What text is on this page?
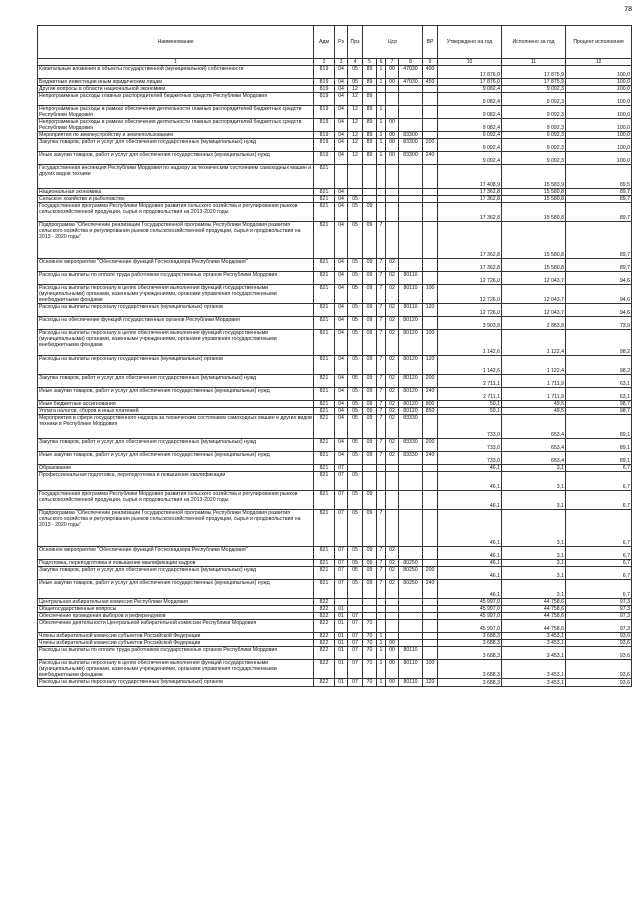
78
Наименование	Адм	Рз	Прз	Цср				ВР	Утверждено на год	Исполнено за год	Процент исполнения
1	2	3	4	5	6	7	8	9	10	11	12
Капитальные вложения в объекты государственной (муниципальной) собственности	819	04	05	89	1	00	47030	400	17 876,0	17 875,9	100,0
Бюджетные инвестиции иным юридическим лицам	819	04	05	89	1	00	47030	450	17 876,0	17 875,9	100,0
Другие вопросы в области национальной экономики	819	04	12						9 082,4	9 092,3	100,0
Непрограммные расходы главных распорядителей бюджетных средств Республики Мордовия	819	04	12	89					9 082,4	9 092,3	100,0
Непрограммные расходы в рамках обеспечения деятельности главных распорядителей бюджетных средств Республики Мордовия	819	04	12	89	1				9 082,4	9 092,3	100,0
Непрограммные расходы в рамках обеспечения деятельности главных распорядителей бюджетных средств Республики Мордовия	819	04	12	89	1	00			9 082,4	9 092,3	100,0
Мероприятия по землеустройству и землепользованию	819	04	12	89	1	00	83300		9 092,4	9 092,3	100,0
Закупка товаров, работ и услуг для обеспечения государственных (муниципальных) нужд	819	04	12	89	1	00	83300	200	9 092,4	9 092,3	100,0
Иные закупки товаров, работ и услуг для обеспечения государственных (муниципальных) нужд	819	04	12	89	1	00	83300	240	9 092,4	9 092,3	100,0
Государственная инспекция Республики Мордовия по надзору за техническим состоянием самоходных машин и других видов техники	821								17 408,9	15 583,9	89,5
Национальная экономика	821	04							17 362,8	15 580,8	89,7
Сельское хозяйство и рыболовство	821	04	05						17 362,8	15 580,8	89,7
Государственная программа Республики Мордовия развития сельского хозяйства и регулирования рынков сельскохозяйственной продукции, сырья и продовольствия на 2013-2020 годы	821	04	05	09					17 362,8	15 580,8	89,7
Подпрограмма "Обеспечение реализации Государственной программы Республики Мордовия развития сельского хозяйства и регулирования рынков сельскохозяйственной продукции, сырья и продовольствия на 2013 - 2020 годы"	821	04	05	09	7				17 362,8	15 580,8	89,7
Основное мероприятие "Обеспечение функций Гостехнадзора Республики Мордовия"	821	04	05	09	7	02			17 362,8	15 580,8	89,7
Расходы на выплаты по оплате труда работников государственных органов Республики Мордовия	821	04	05	09	7	02	80110		12 726,0	12 043,7	94,6
Расходы на выплаты персоналу в целях обеспечения выполнения функций государственными (муниципальными) органами, казенными учреждениями, органами управления государственными внебюджетными фондами	821	04	05	09	7	02	80110	100	12 726,0	12 043,7	94,6
Расходы на выплаты персоналу государственных (муниципальных) органов	821	04	05	09	7	02	80110	120	12 726,0	12 043,7	94,6
Расходы на обеспечение функций государственных органов Республики Мордовия	821	04	05	09	7	02	80120		3 903,8	2 883,8	73,9
Расходы на выплаты персоналу в целях обеспечения выполнения функций государственными (муниципальными) органами, казенными учреждениями, органами управления государственными внебюджетными фондами	821	04	05	09	7	02	80120	100	1 142,6	1 122,4	98,2
Расходы на выплаты персоналу государственных (муниципальных) органов	821	04	05	09	7	02	80120	120	1 142,6	1 122,4	98,2
Закупка товаров, работ и услуг для обеспечения государственных (муниципальных) нужд	821	04	05	09	7	02	80120	200	2 711,1	1 711,9	63,1
Иные закупки товаров, работ и услуг для обеспечения государственных (муниципальных) нужд	821	04	05	09	7	02	80120	240	2 711,1	1 711,9	63,1
Иные бюджетные ассигнования	821	04	05	09	7	02	80120	800	50,1	49,5	98,7
Уплата налогов, сборов и иных платежей	821	04	05	09	7	02	80120	850	50,1	49,5	98,7
Мероприятия в сфере государственного надзора за техническим состоянием самоходных машин и других видов техники в Республике Мордовия	821	04	05	09	7	02	83330		733,0	653,4	89,1
Закупка товаров, работ и услуг для обеспечения государственных (муниципальных) нужд	821	04	05	09	7	02	83330	200	733,0	653,4	89,1
Иные закупки товаров, работ и услуг для обеспечения государственных (муниципальных) нужд	821	04	05	09	7	02	83330	240	733,0	653,4	89,1
Образование	821	07							46,1	3,1	6,7
Профессиональная подготовка, переподготовка и повышение квалификации	821	07	05						46,1	3,1	6,7
Государственная программа Республики Мордовия развития сельского хозяйства и регулирования рынков сельскохозяйственной продукции, сырья и продовольствия на 2013-2020 годы	821	07	05	09					46,1	3,1	6,7
Подпрограмма "Обеспечение реализации Государственной программы Республики Мордовия развития сельского хозяйства и регулирования рынков сельскохозяйственной продукции, сырья и продовольствия на 2013 - 2020 годы"	821	07	05	09	7				46,1	3,1	6,7
Основное мероприятие "Обеспечение функций Гостехнадзора Республики Мордовия"	821	07	05	09	7	02			46,1	3,1	6,7
Подготовка, переподготовка и повышение квалификации кадров	821	07	05	09	7	02	80250		46,1	3,1	6,7
Закупка товаров, работ и услуг для обеспечения государственных (муниципальных) нужд	821	07	05	09	7	02	80250	200	46,1	3,1	6,7
Иные закупки товаров, работ и услуг для обеспечения государственных (муниципальных) нужд	821	07	05	09	7	02	80250	240	46,1	3,1	6,7
Центральная избирательная комиссия Республики Мордовия	822								45 997,0	44 758,6	97,3
Общегосударственные вопросы	822	01							45 997,0	44 758,6	97,3
Обеспечение проведения выборов и референдумов	822	01	07						45 997,0	44 758,6	97,3
Обеспечение деятельности Центральной избирательной комиссии Республики Мордовия	822	01	07	70					45 997,0	44 758,6	97,3
Члены избирательной комиссии субъектов Российской Федерации	822	01	07	70	1				3 688,3	3 453,1	93,6
Члены избирательной комиссии субъектов Российской Федерации	822	01	07	70	1	00			3 688,3	3 453,1	93,6
Расходы на выплаты по оплате труда работников государственных органов Республики Мордовия	822	01	07	70	1	00	80110		3 688,3	3 453,1	93,6
Расходы на выплаты персоналу в целях обеспечения выполнения функций государственными (муниципальными) органами, казенными учреждениями, органами управления государственными внебюджетными фондами	822	01	07	70	1	00	80110	100	3 688,3	3 453,1	93,6
Расходы на выплаты персоналу государственных (муниципальных) органов	822	01	07	70	1	00	80110	120	3 688,3	3 453,1	93,6
